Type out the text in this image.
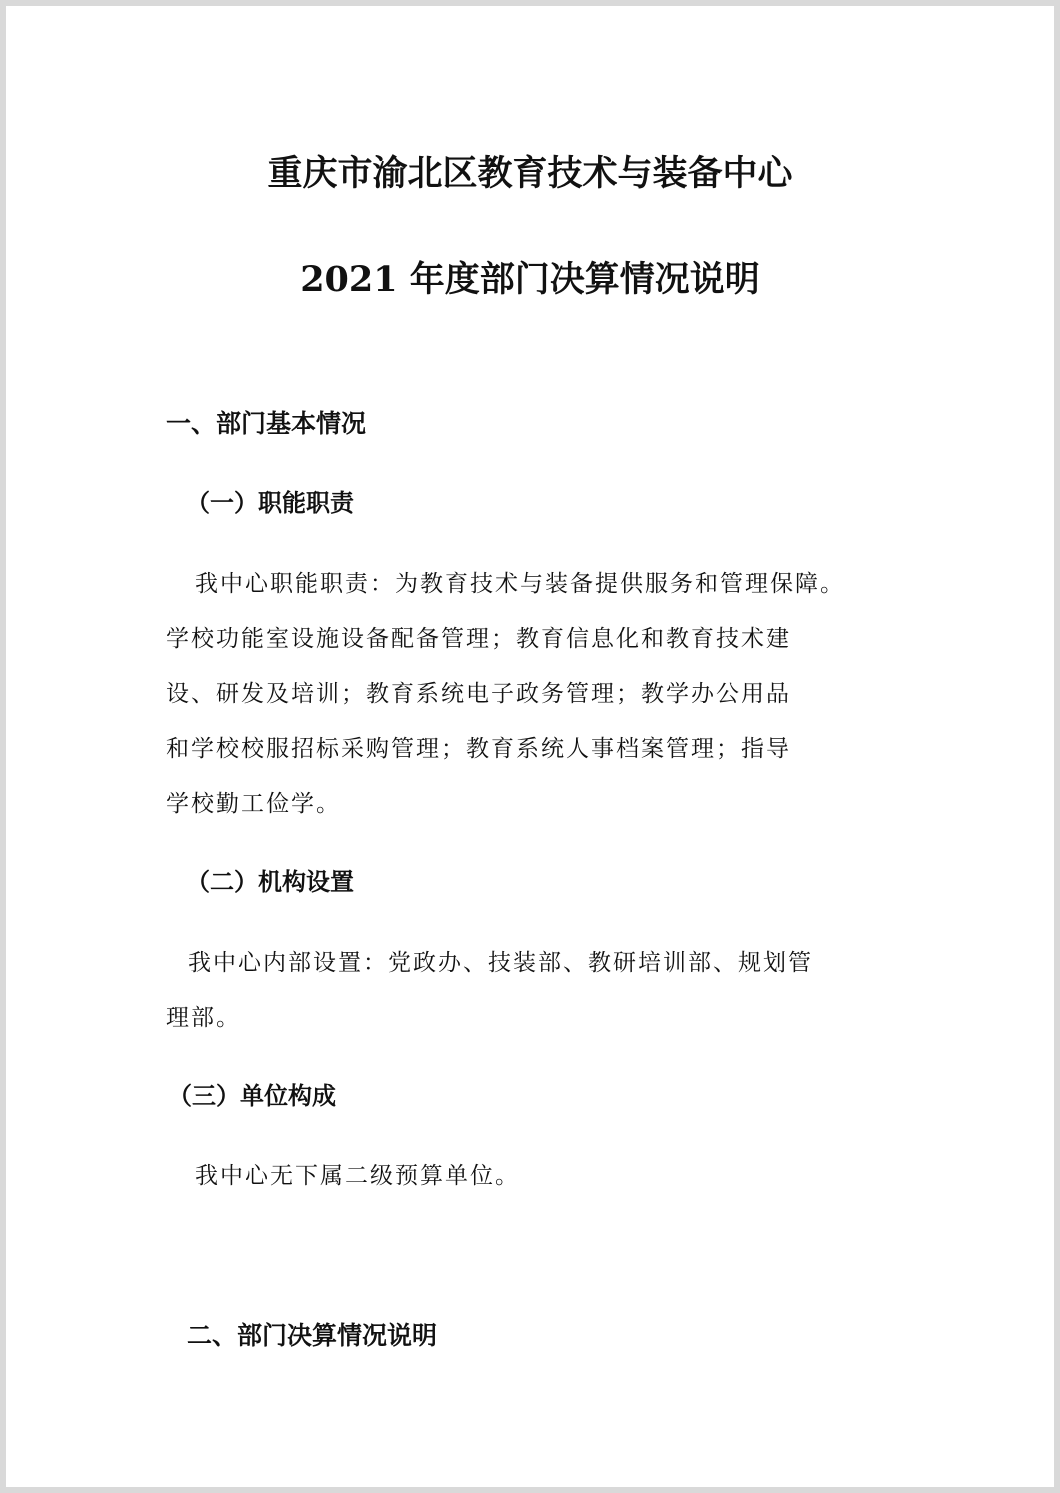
重庆市渝北区教育技术与装备中心
2021 年度部门决算情况说明
一、部门基本情况
（一）职能职责
我中心职能职责：为教育技术与装备提供服务和管理保障。
学校功能室设施设备配备管理；教育信息化和教育技术建
设、研发及培训；教育系统电子政务管理；教学办公用品
和学校校服招标采购管理；教育系统人事档案管理；指导
学校勤工俭学。
（二）机构设置
我中心内部设置：党政办、技装部、教研培训部、规划管
理部。
（三）单位构成
我中心无下属二级预算单位。
二、部门决算情况说明
